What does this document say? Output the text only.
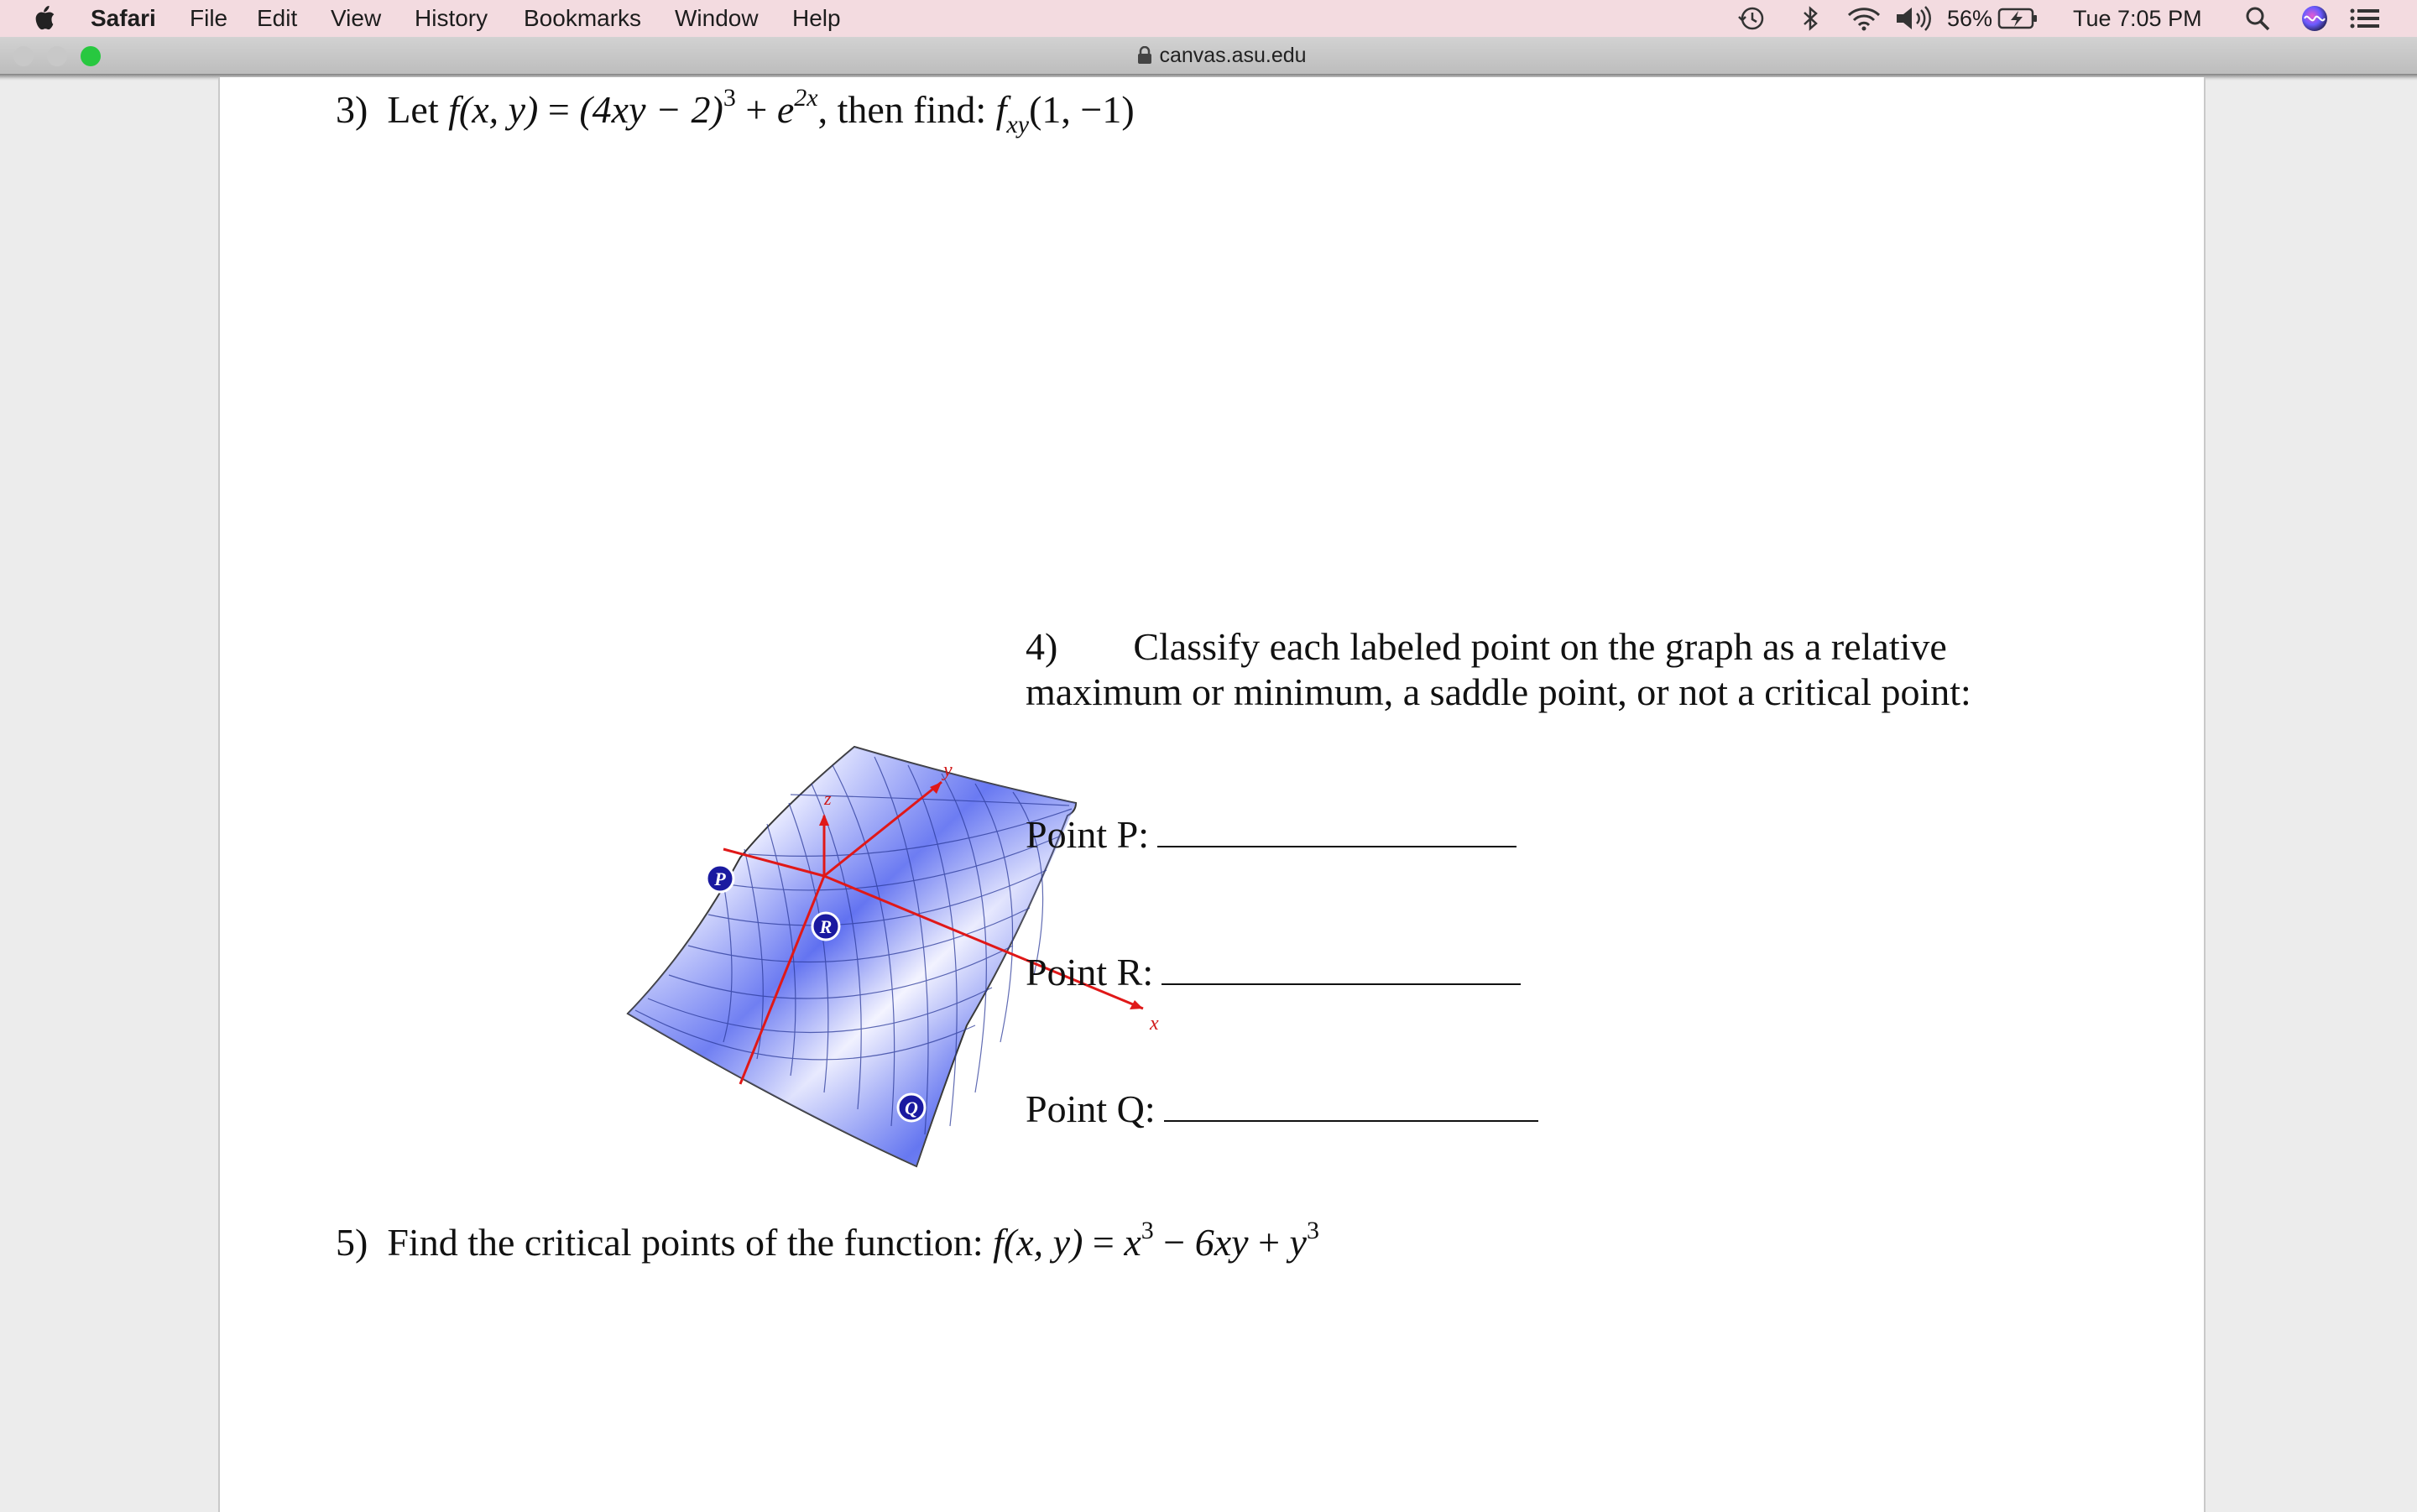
Safari File Edit View History Bookmarks Window Help	56%	Tue 7:05 PM
canvas.asu.edu
3) Let f(x, $y) = (4xy - 2)^3 + e^{2x}$, then find: $f_{xy}(1$, −1)
x
y
z
P
R
Q
4) Classify each labeled point on the graph as a relative
maximum or minimum, a saddle point, or not a critical point:
Point P:
Point R:
Point Q:
5) Find the critical points of the function: f(x, $y) = x^3 - 6xy + y^3$
